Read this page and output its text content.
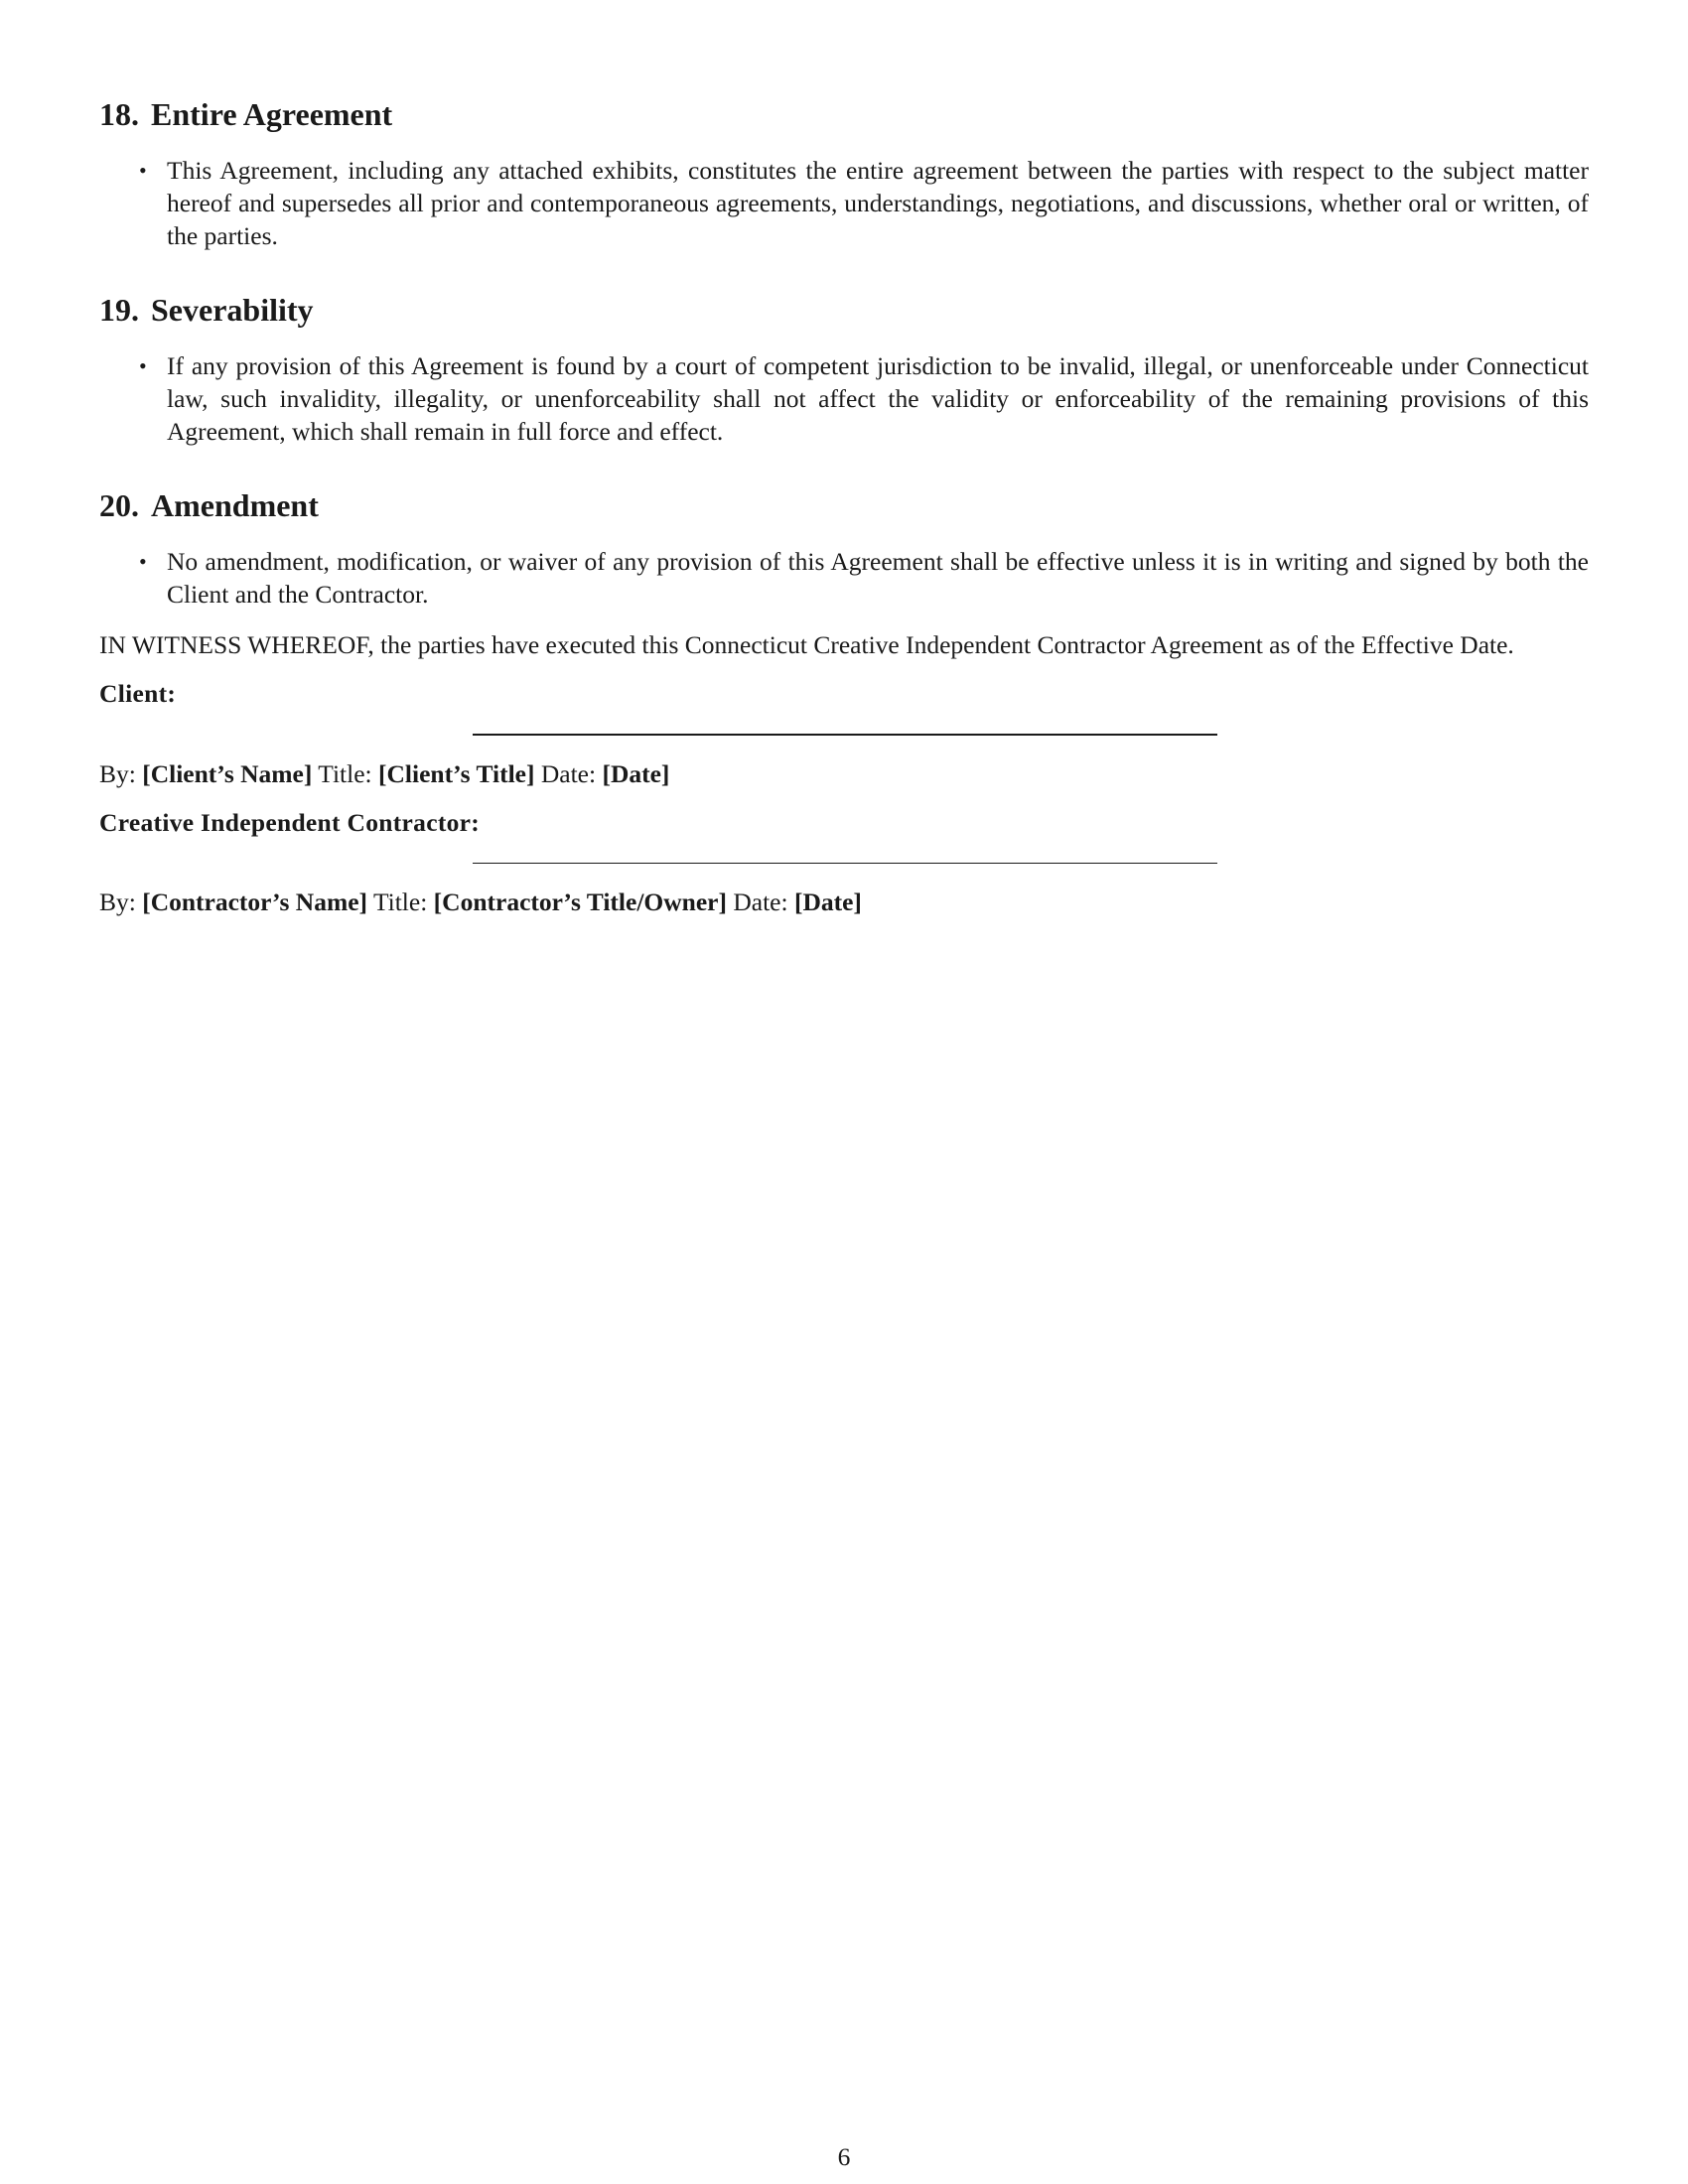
18. Entire Agreement
• This Agreement, including any attached exhibits, constitutes the entire agreement between the parties with respect to the subject matter hereof and supersedes all prior and contemporaneous agreements, understandings, negotiations, and discussions, whether oral or written, of the parties.
19. Severability
• If any provision of this Agreement is found by a court of competent jurisdiction to be invalid, illegal, or unenforceable under Connecticut law, such invalidity, illegality, or unenforceability shall not affect the validity or enforceability of the remaining provisions of this Agreement, which shall remain in full force and effect.
20. Amendment
• No amendment, modification, or waiver of any provision of this Agreement shall be effective unless it is in writing and signed by both the Client and the Contractor.

IN WITNESS WHEREOF, the parties have executed this Connecticut Creative Independent Contractor Agreement as of the Effective Date.

Client:

By: [Client’s Name] Title: [Client’s Title] Date: [Date]

Creative Independent Contractor:

By: [Contractor’s Name] Title: [Contractor’s Title/Owner] Date: [Date]

6
